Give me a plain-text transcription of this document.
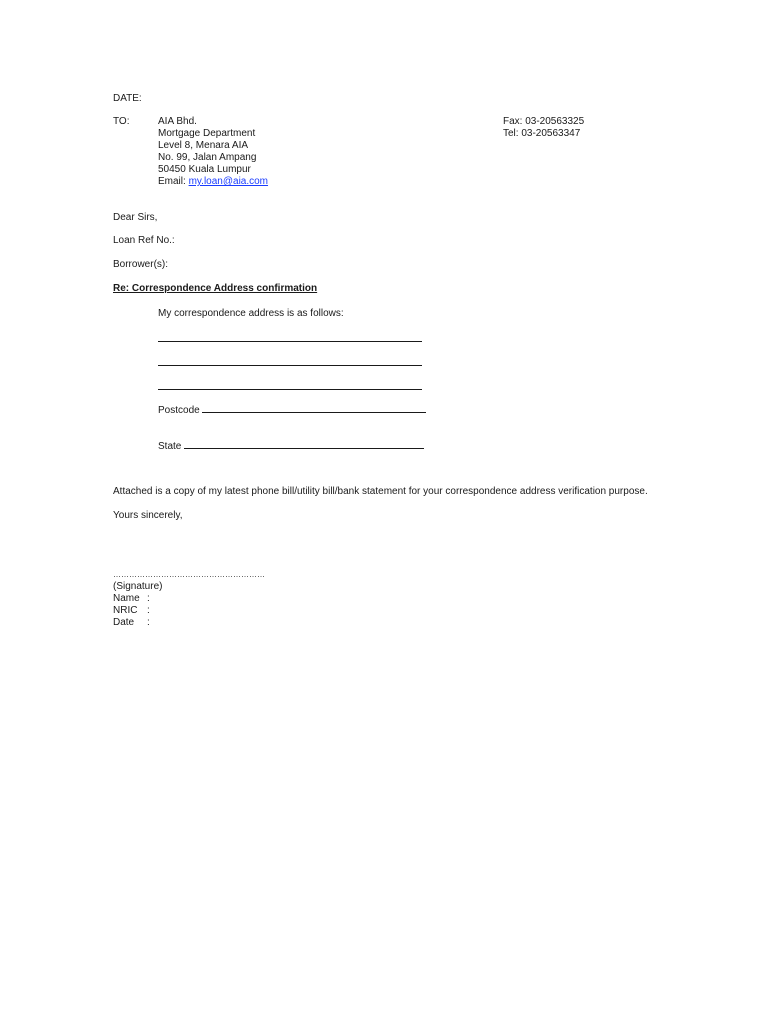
DATE:
TO:	AIA Bhd.
Mortgage Department
Level 8, Menara AIA
No. 99, Jalan Ampang
50450 Kuala Lumpur
Email: my.loan@aia.com
Fax: 03-20563325
Tel: 03-20563347
Dear Sirs,
Loan Ref No.:
Borrower(s):
Re: Correspondence Address confirmation
My correspondence address is as follows:
Postcode
State
Attached is a copy of my latest phone bill/utility bill/bank statement for your correspondence address verification purpose.
Yours sincerely,
…………………………………………………
(Signature)
Name :
NRIC :
Date :
